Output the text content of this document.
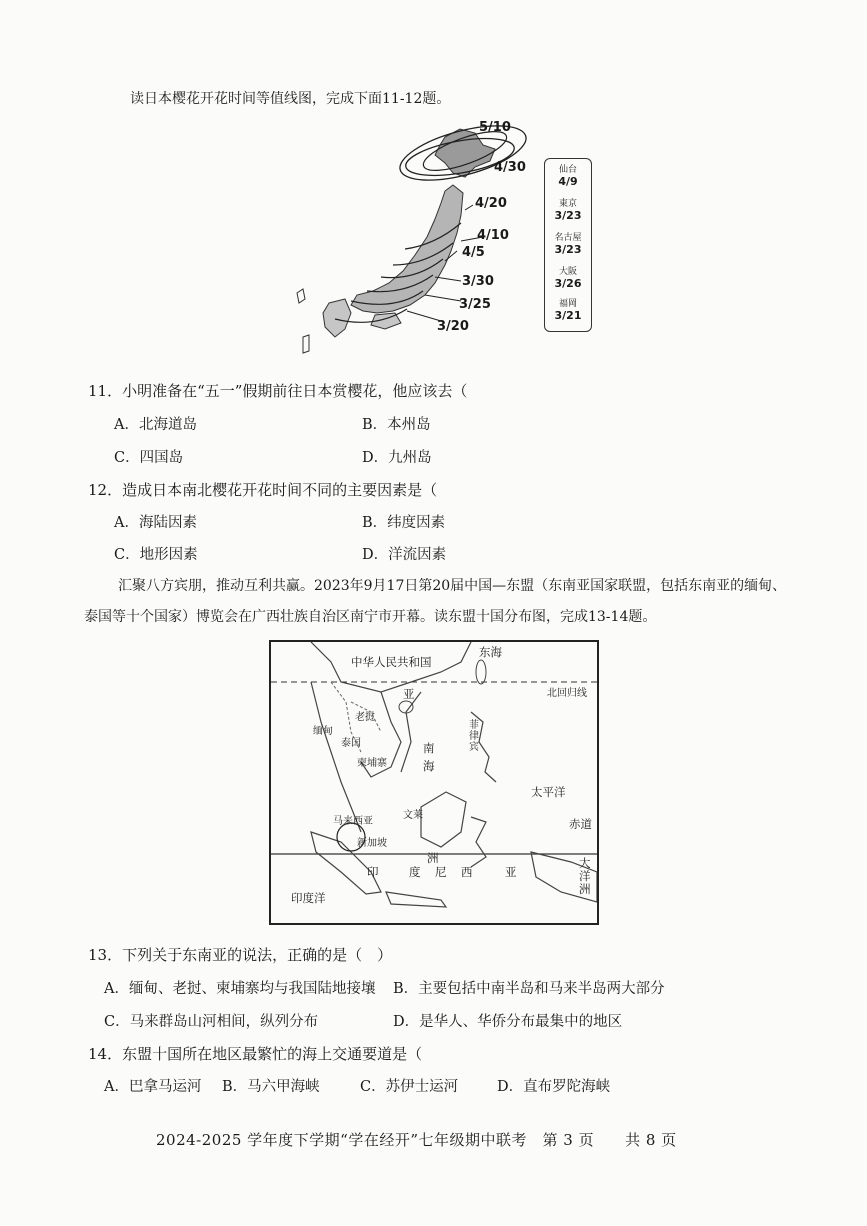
读日本樱花开花时间等值线图，完成下面11-12题。
5/10
4/30
4/20
4/10
4/5
3/30
3/25
3/20
仙台
4/9
東京
3/23
名古屋
3/23
大阪
3/26
福岡
3/21
11．小明准备在“五一”假期前往日本赏樱花，他应该去（
A．北海道岛	B．本州岛
C．四国岛	D．九州岛
12．造成日本南北樱花开花时间不同的主要因素是（
A．海陆因素	B．纬度因素
C．地形因素	D．洋流因素
汇聚八方宾朋，推动互利共赢。2023年9月17日第20届中国—东盟（东南亚国家联盟，包括东南亚的缅甸、
泰国等十个国家）博览会在广西壮族自治区南宁市开幕。读东盟十国分布图，完成13-14题。
中华人民共和国
东海
北回归线
亚
缅甸
老挝
泰国
柬埔寨
南
海
菲律宾
太平洋
文莱
马来西亚
新加坡
赤道
大洋洲
印度洋
印	度 尼 西	亚
洲
13．下列关于东南亚的说法，正确的是（　）
A．缅甸、老挝、柬埔寨均与我国陆地接壤 B．主要包括中南半岛和马来半岛两大部分
C．马来群岛山河相间，纵列分布	D．是华人、华侨分布最集中的地区
14．东盟十国所在地区最繁忙的海上交通要道是（
A．巴拿马运河 B．马六甲海峡	C．苏伊士运河	D．直布罗陀海峡
2024-2025 学年度下学期“学在经开”七年级期中联考　第 3 页　　共 8 页
